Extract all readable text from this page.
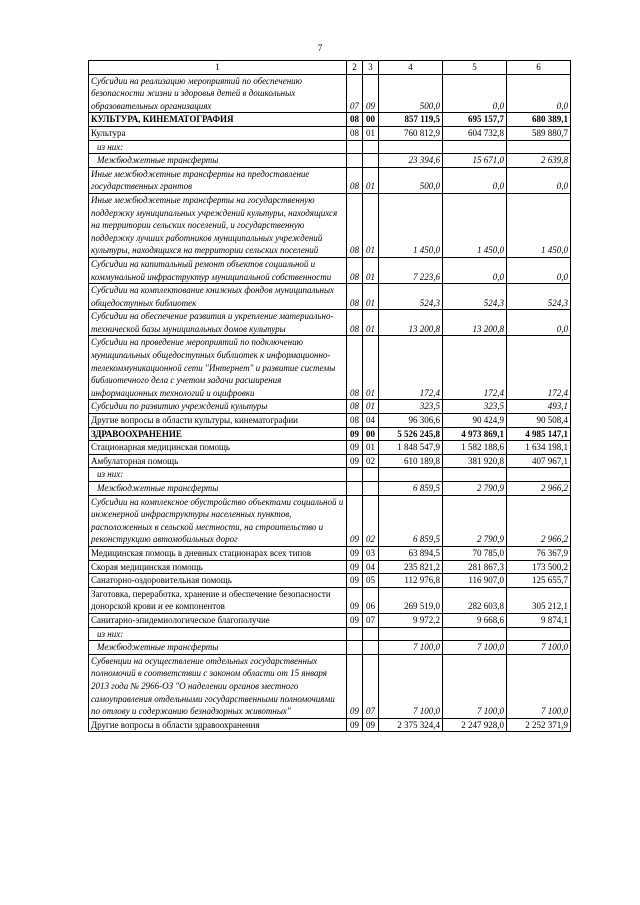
7
1	2	3	4	5	6
Субсидии на реализацию мероприятий по обеспечению безопасности жизни и здоровья детей в дошкольных образовательных организациях	07	09	500,0	0,0	0,0
КУЛЬТУРА, КИНЕМАТОГРАФИЯ	08	00	857 119,5	695 157,7	680 389,1
Культура	08	01	760 812,9	604 732,8	589 880,7
из них:					
Межбюджетные трансферты			23 394,6	15 671,0	2 639,8
Иные межбюджетные трансферты на предоставление государственных грантов	08	01	500,0	0,0	0,0
Иные межбюджетные трансферты на государственную поддержку муниципальных учреждений культуры, находящихся на территории сельских поселений, и государственную поддержку лучших работников муниципальных учреждений культуры, находящихся на территории сельских поселений	08	01	1 450,0	1 450,0	1 450,0
Субсидии на капитальный ремонт объектов социальной и коммунальной инфраструктур муниципальной собственности	08	01	7 223,6	0,0	0,0
Субсидии на комплектование книжных фондов муниципальных общедоступных библиотек	08	01	524,3	524,3	524,3
Субсидии на обеспечение развития и укрепление материально-технической базы муниципальных домов культуры	08	01	13 200,8	13 200,8	0,0
Субсидии на проведение мероприятий по подключению муниципальных общедоступных библиотек к информационно-телекоммуникационной сети "Интернет" и развитие системы библиотечного дела с учетом задачи расширения информационных технологий и оцифровки	08	01	172,4	172,4	172,4
Субсидии по развитию учреждений культуры	08	01	323,5	323,5	493,1
Другие вопросы в области культуры, кинематографии	08	04	96 306,6	90 424,9	90 508,4
ЗДРАВООХРАНЕНИЕ	09	00	5 526 245,8	4 973 869,1	4 985 147,1
Стационарная медицинская помощь	09	01	1 848 547,9	1 582 188,6	1 634 198,1
Амбулаторная помощь	09	02	610 189,8	381 920,8	407 967,1
из них:					
Межбюджетные трансферты			6 859,5	2 790,9	2 966,2
Субсидии на комплексное обустройство объектами социальной и инженерной инфраструктуры населенных пунктов, расположенных в сельской местности, на строительство и реконструкцию автомобильных дорог	09	02	6 859,5	2 790,9	2 966,2
Медицинская помощь в дневных стационарах всех типов	09	03	63 894,5	70 785,0	76 367,9
Скорая медицинская помощь	09	04	235 821,2	281 867,3	173 500,2
Санаторно-оздоровительная помощь	09	05	112 976,8	116 907,0	125 655,7
Заготовка, переработка, хранение и обеспечение безопасности донорской крови и ее компонентов	09	06	269 519,0	282 603,8	305 212,1
Санитарно-эпидемиологическое благополучие	09	07	9 972,2	9 668,6	9 874,1
из них:					
Межбюджетные трансферты			7 100,0	7 100,0	7 100,0
Субвенции на осуществление отдельных государственных полномочий в соответствии с законом области от 15 января 2013 года № 2966-ОЗ "О наделении органов местного самоуправления отдельными государственными полномочиями по отлову и содержанию безнадзорных животных"	09	07	7 100,0	7 100,0	7 100,0
Другие вопросы в области здравоохранения	09	09	2 375 324,4	2 247 928,0	2 252 371,9
